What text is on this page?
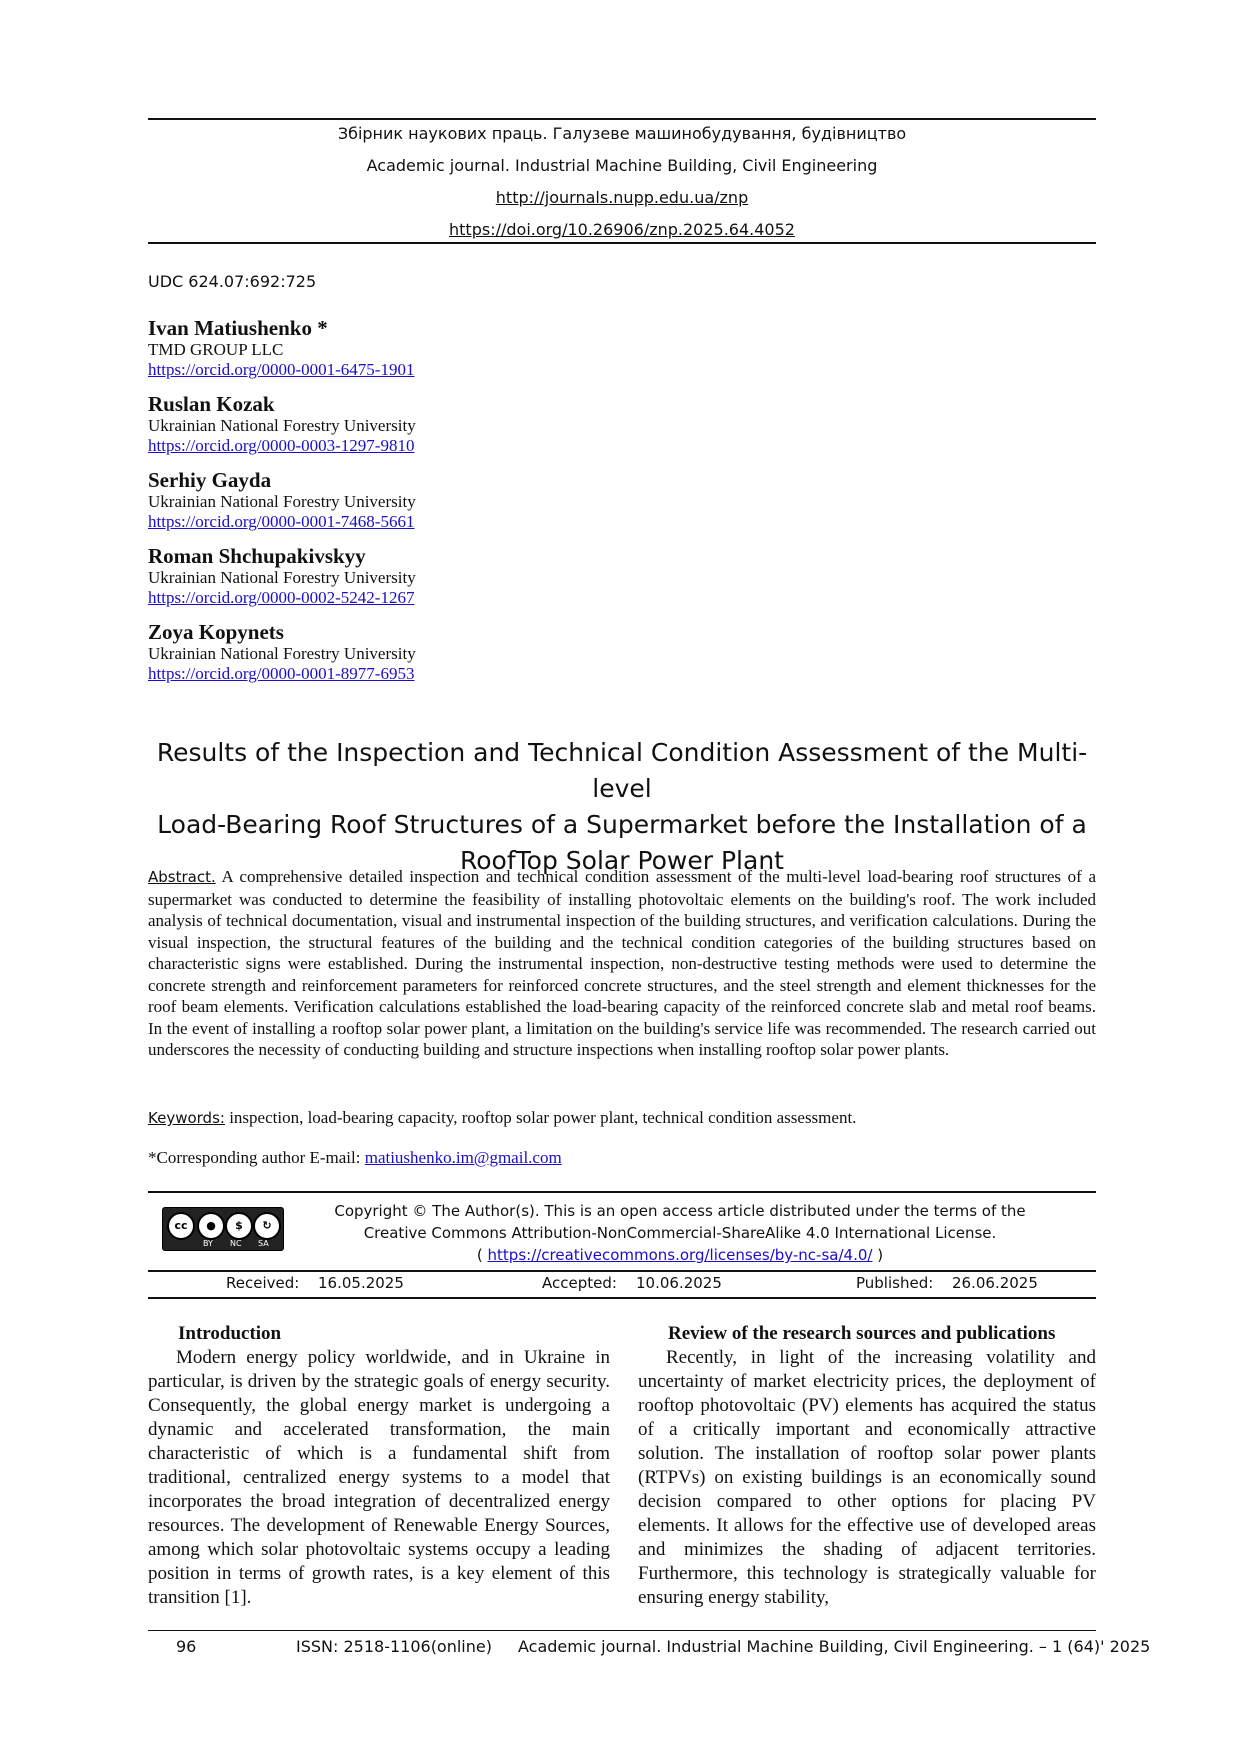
Збірник наукових праць. Галузеве машинобудування, будівництво
Academic journal. Industrial Machine Building, Civil Engineering
http://journals.nupp.edu.ua/znp
https://doi.org/10.26906/znp.2025.64.4052
UDC 624.07:692:725
Ivan Matiushenko *
TMD GROUP LLC
https://orcid.org/0000-0001-6475-1901
Ruslan Kozak
Ukrainian National Forestry University
https://orcid.org/0000-0003-1297-9810
Serhiy Gayda
Ukrainian National Forestry University
https://orcid.org/0000-0001-7468-5661
Roman Shchupakivskyy
Ukrainian National Forestry University
https://orcid.org/0000-0002-5242-1267
Zoya Kopynets
Ukrainian National Forestry University
https://orcid.org/0000-0001-8977-6953
Results of the Inspection and Technical Condition Assessment of the Multi-level
Load-Bearing Roof Structures of a Supermarket before the Installation of a
RoofTop Solar Power Plant
Abstract. A comprehensive detailed inspection and technical condition assessment of the multi-level load-bearing roof structures of a supermarket was conducted to determine the feasibility of installing photovoltaic elements on the building's roof. The work included analysis of technical documentation, visual and instrumental inspection of the building structures, and verification calculations. During the visual inspection, the structural features of the building and the technical condition categories of the building structures based on characteristic signs were established. During the instrumental inspection, non-destructive testing methods were used to determine the concrete strength and reinforcement parameters for reinforced concrete structures, and the steel strength and element thicknesses for the roof beam elements. Verification calculations established the load-bearing capacity of the reinforced concrete slab and metal roof beams. In the event of installing a rooftop solar power plant, a limitation on the building's service life was recommended. The research carried out underscores the necessity of conducting building and structure inspections when installing rooftop solar power plants.
Keywords: inspection, load-bearing capacity, rooftop solar power plant, technical condition assessment.
*Corresponding author E-mail: matiushenko.im@gmail.com
cc	●	$	↻
BY NC SA
Copyright © The Author(s). This is an open access article distributed under the terms of the
Creative Commons Attribution-NonCommercial-ShareAlike 4.0 International License.
( https://creativecommons.org/licenses/by-nc-sa/4.0/ )
Received: 16.05.2025	Accepted: 10.06.2025	Published: 26.06.2025
Introduction

Modern energy policy worldwide, and in Ukraine in particular, is driven by the strategic goals of energy security. Consequently, the global energy market is undergoing a dynamic and accelerated transformation, the main characteristic of which is a fundamental shift from traditional, centralized energy systems to a model that incorporates the broad integration of decentralized energy resources. The development of Renewable Energy Sources, among which solar photovoltaic systems occupy a leading position in terms of growth rates, is a key element of this transition [1].

Review of the research sources and publications

Recently, in light of the increasing volatility and uncertainty of market electricity prices, the deployment of rooftop photovoltaic (PV) elements has acquired the status of a critically important and economically attractive solution. The installation of rooftop solar power plants (RTPVs) on existing buildings is an economically sound decision compared to other options for placing PV elements. It allows for the effective use of developed areas and minimizes the shading of adjacent territories. Furthermore, this technology is strategically valuable for ensuring energy stability,

96	ISSN: 2518-1106(online) Academic journal. Industrial Machine Building, Civil Engineering. – 1 (64)' 2025
